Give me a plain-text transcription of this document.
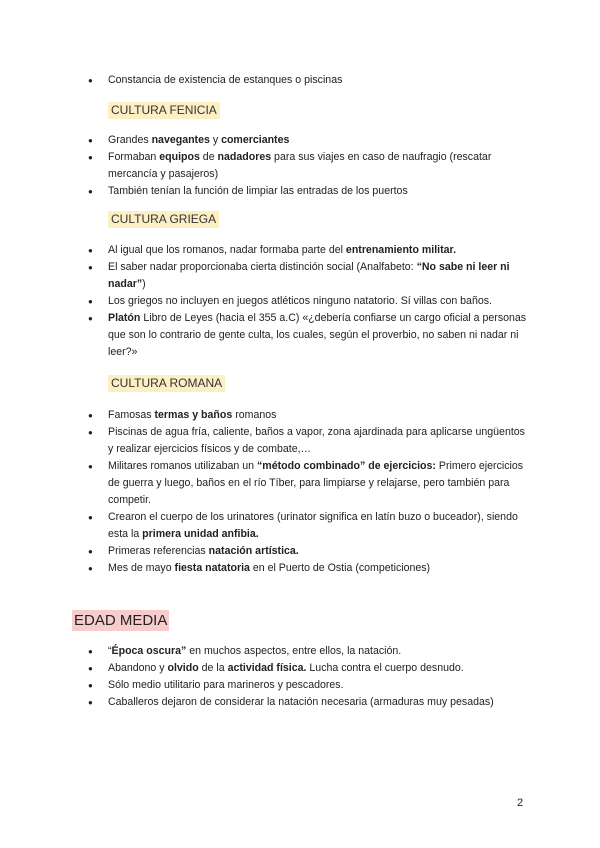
● Constancia de existencia de estanques o piscinas
CULTURA FENICIA
● Grandes navegantes y comerciantes
● Formaban equipos de nadadores para sus viajes en caso de naufragio (rescatar mercancía y pasajeros)
● También tenían la función de limpiar las entradas de los puertos
CULTURA GRIEGA
● Al igual que los romanos, nadar formaba parte del entrenamiento militar.
● El saber nadar proporcionaba cierta distinción social (Analfabeto: “No sabe ni leer ni nadar”)
● Los griegos no incluyen en juegos atléticos ninguno natatorio. Sí villas con baños.
● Platón Libro de Leyes (hacia el 355 a.C) «¿debería confiarse un cargo oficial a personas que son lo contrario de gente culta, los cuales, según el proverbio, no saben ni nadar ni leer?»
CULTURA ROMANA
● Famosas termas y baños romanos
● Piscinas de agua fría, caliente, baños a vapor, zona ajardinada para aplicarse ungüentos y realizar ejercicios físicos y de combate,…
● Militares romanos utilizaban un “método combinado” de ejercicios: Primero ejercicios de guerra y luego, baños en el río Tíber, para limpiarse y relajarse, pero también para competir.
● Crearon el cuerpo de los urinatores (urinator significa en latín buzo o buceador), siendo esta la primera unidad anfibia.
● Primeras referencias natación artística.
● Mes de mayo fiesta natatoria en el Puerto de Ostia (competiciones)
EDAD MEDIA
● “Época oscura” en muchos aspectos, entre ellos, la natación.
● Abandono y olvido de la actividad física. Lucha contra el cuerpo desnudo.
● Sólo medio utilitario para marineros y pescadores.
● Caballeros dejaron de considerar la natación necesaria (armaduras muy pesadas)
2
